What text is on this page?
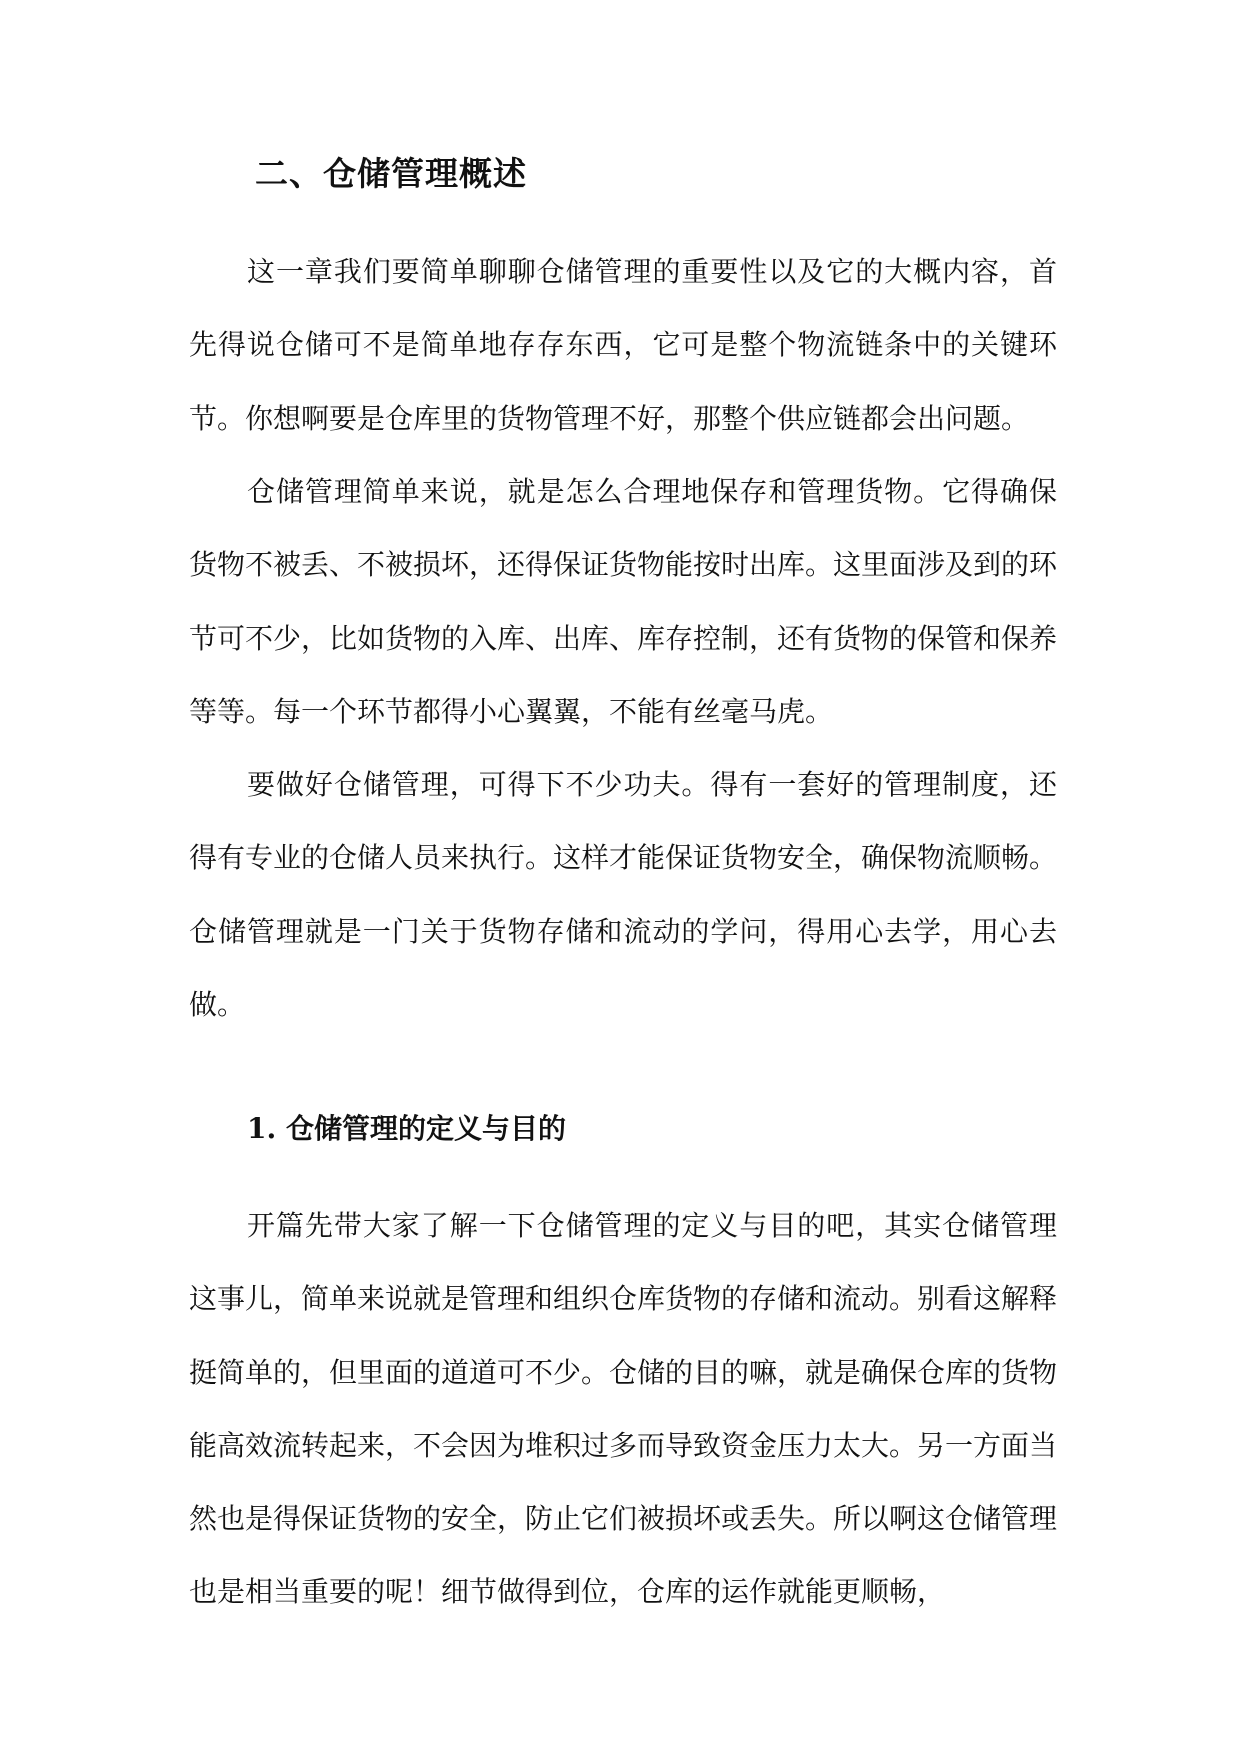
二、仓储管理概述

这一章我们要简单聊聊仓储管理的重要性以及它的大概内容，首先得说仓储可不是简单地存存东西，它可是整个物流链条中的关键环节。你想啊要是仓库里的货物管理不好，那整个供应链都会出问题。

仓储管理简单来说，就是怎么合理地保存和管理货物。它得确保货物不被丢、不被损坏，还得保证货物能按时出库。这里面涉及到的环节可不少，比如货物的入库、出库、库存控制，还有货物的保管和保养等等。每一个环节都得小心翼翼，不能有丝毫马虎。

要做好仓储管理，可得下不少功夫。得有一套好的管理制度，还得有专业的仓储人员来执行。这样才能保证货物安全，确保物流顺畅。仓储管理就是一门关于货物存储和流动的学问，得用心去学，用心去做。

1. 仓储管理的定义与目的

开篇先带大家了解一下仓储管理的定义与目的吧，其实仓储管理这事儿，简单来说就是管理和组织仓库货物的存储和流动。别看这解释挺简单的，但里面的道道可不少。仓储的目的嘛，就是确保仓库的货物能高效流转起来，不会因为堆积过多而导致资金压力太大。另一方面当然也是得保证货物的安全，防止它们被损坏或丢失。所以啊这仓储管理也是相当重要的呢！细节做得到位，仓库的运作就能更顺畅，
